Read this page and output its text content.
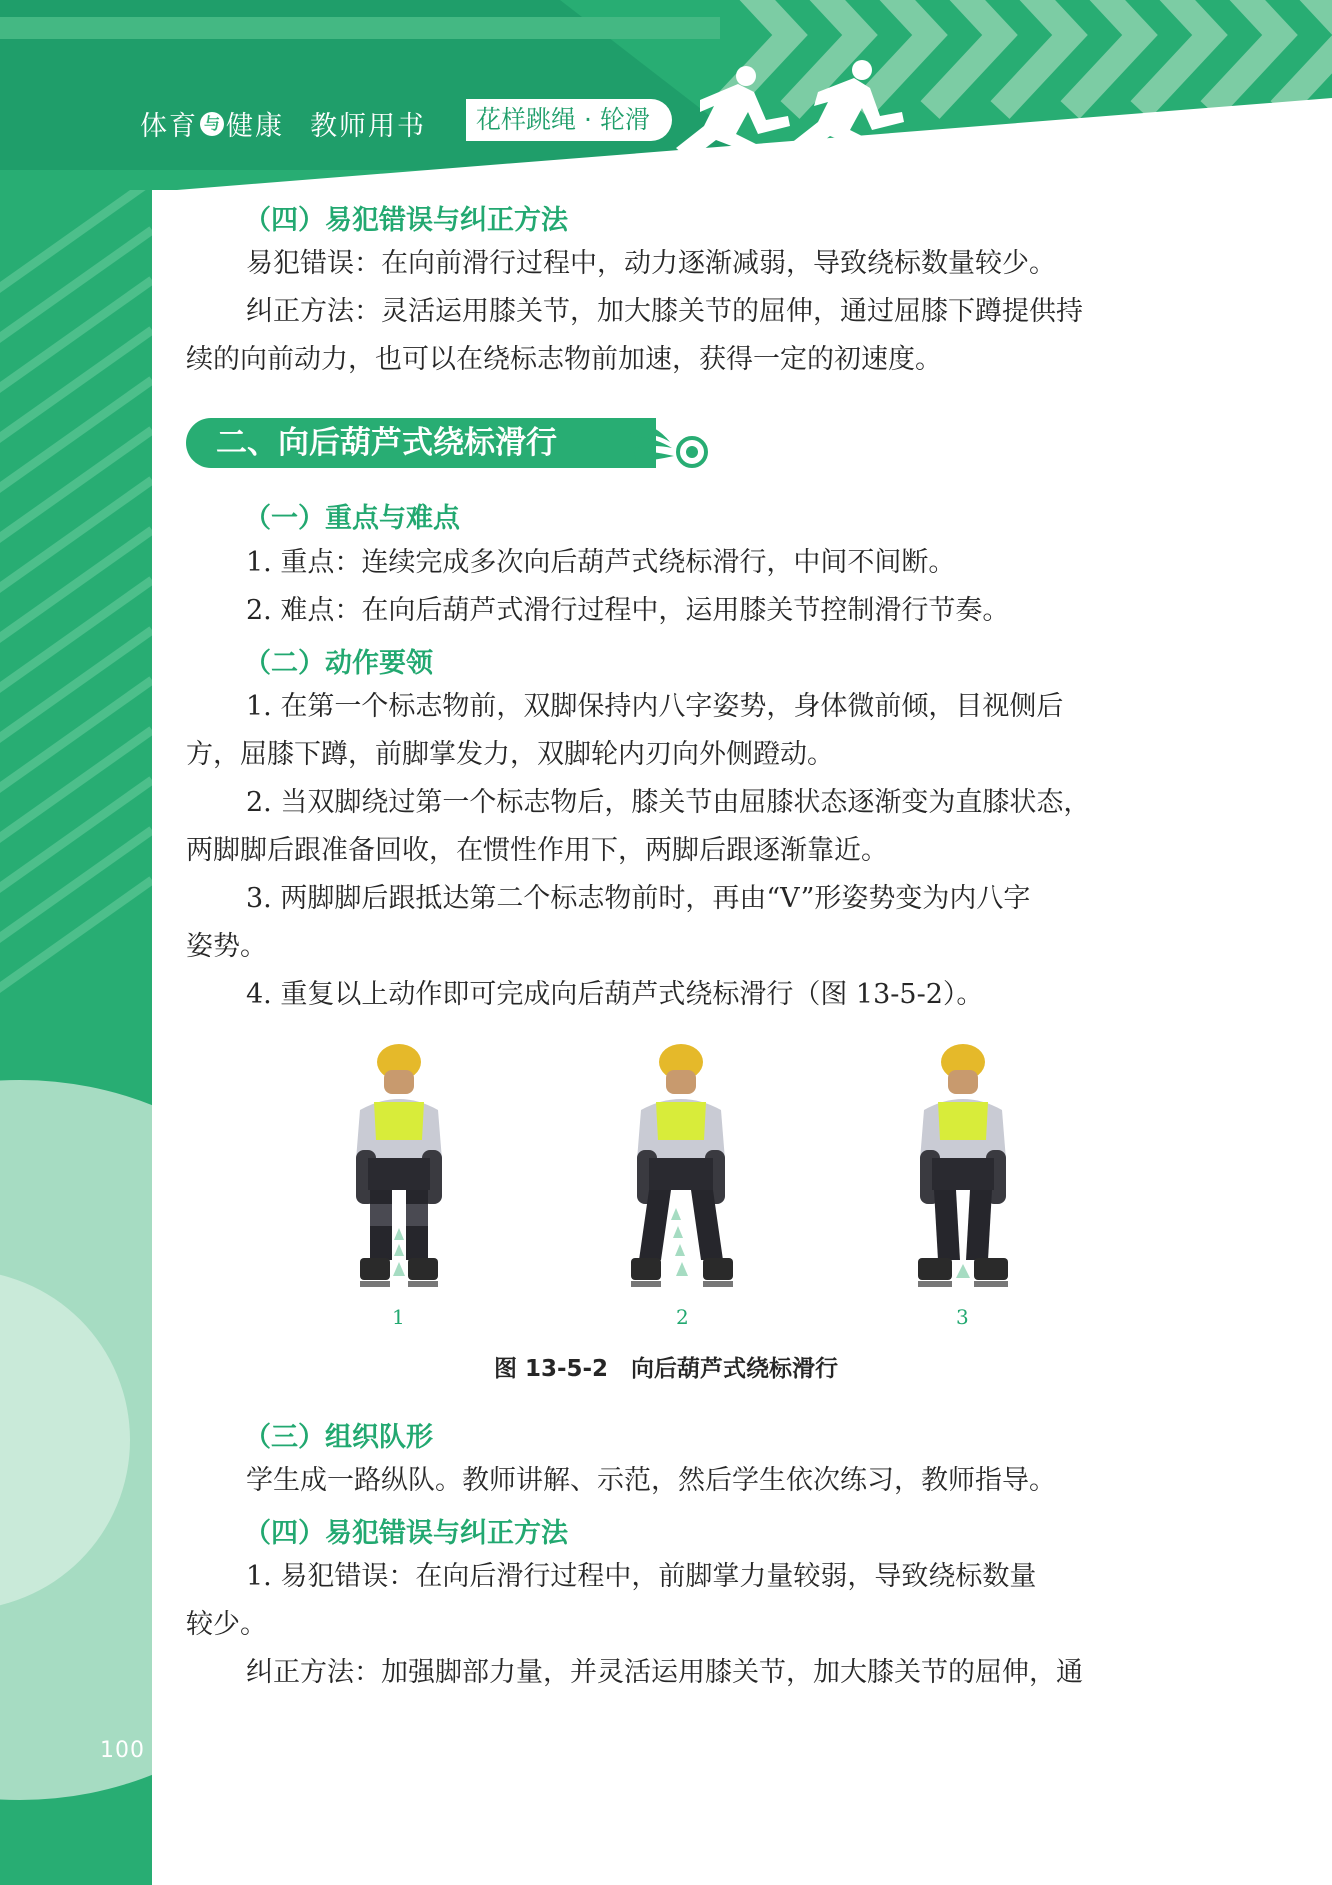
体育 与 健康 教师用书	花样跳绳 · 轮滑
（四）易犯错误与纠正方法
易犯错误：在向前滑行过程中，动力逐渐减弱，导致绕标数量较少。
纠正方法：灵活运用膝关节，加大膝关节的屈伸，通过屈膝下蹲提供持
续的向前动力，也可以在绕标志物前加速，获得一定的初速度。
二、向后葫芦式绕标滑行
（一）重点与难点
1. 重点：连续完成多次向后葫芦式绕标滑行，中间不间断。
2. 难点：在向后葫芦式滑行过程中，运用膝关节控制滑行节奏。
（二）动作要领
1. 在第一个标志物前，双脚保持内八字姿势，身体微前倾，目视侧后
方，屈膝下蹲，前脚掌发力，双脚轮内刃向外侧蹬动。
2. 当双脚绕过第一个标志物后，膝关节由屈膝状态逐渐变为直膝状态，
两脚脚后跟准备回收，在惯性作用下，两脚后跟逐渐靠近。
3. 两脚脚后跟抵达第二个标志物前时，再由“V”形姿势变为内八字
姿势。
4. 重复以上动作即可完成向后葫芦式绕标滑行（图 13-5-2）。
1	2	3
图 13-5-2　向后葫芦式绕标滑行
（三）组织队形
学生成一路纵队。教师讲解、示范，然后学生依次练习，教师指导。
（四）易犯错误与纠正方法
1. 易犯错误：在向后滑行过程中，前脚掌力量较弱，导致绕标数量
较少。
纠正方法：加强脚部力量，并灵活运用膝关节，加大膝关节的屈伸，通
100
